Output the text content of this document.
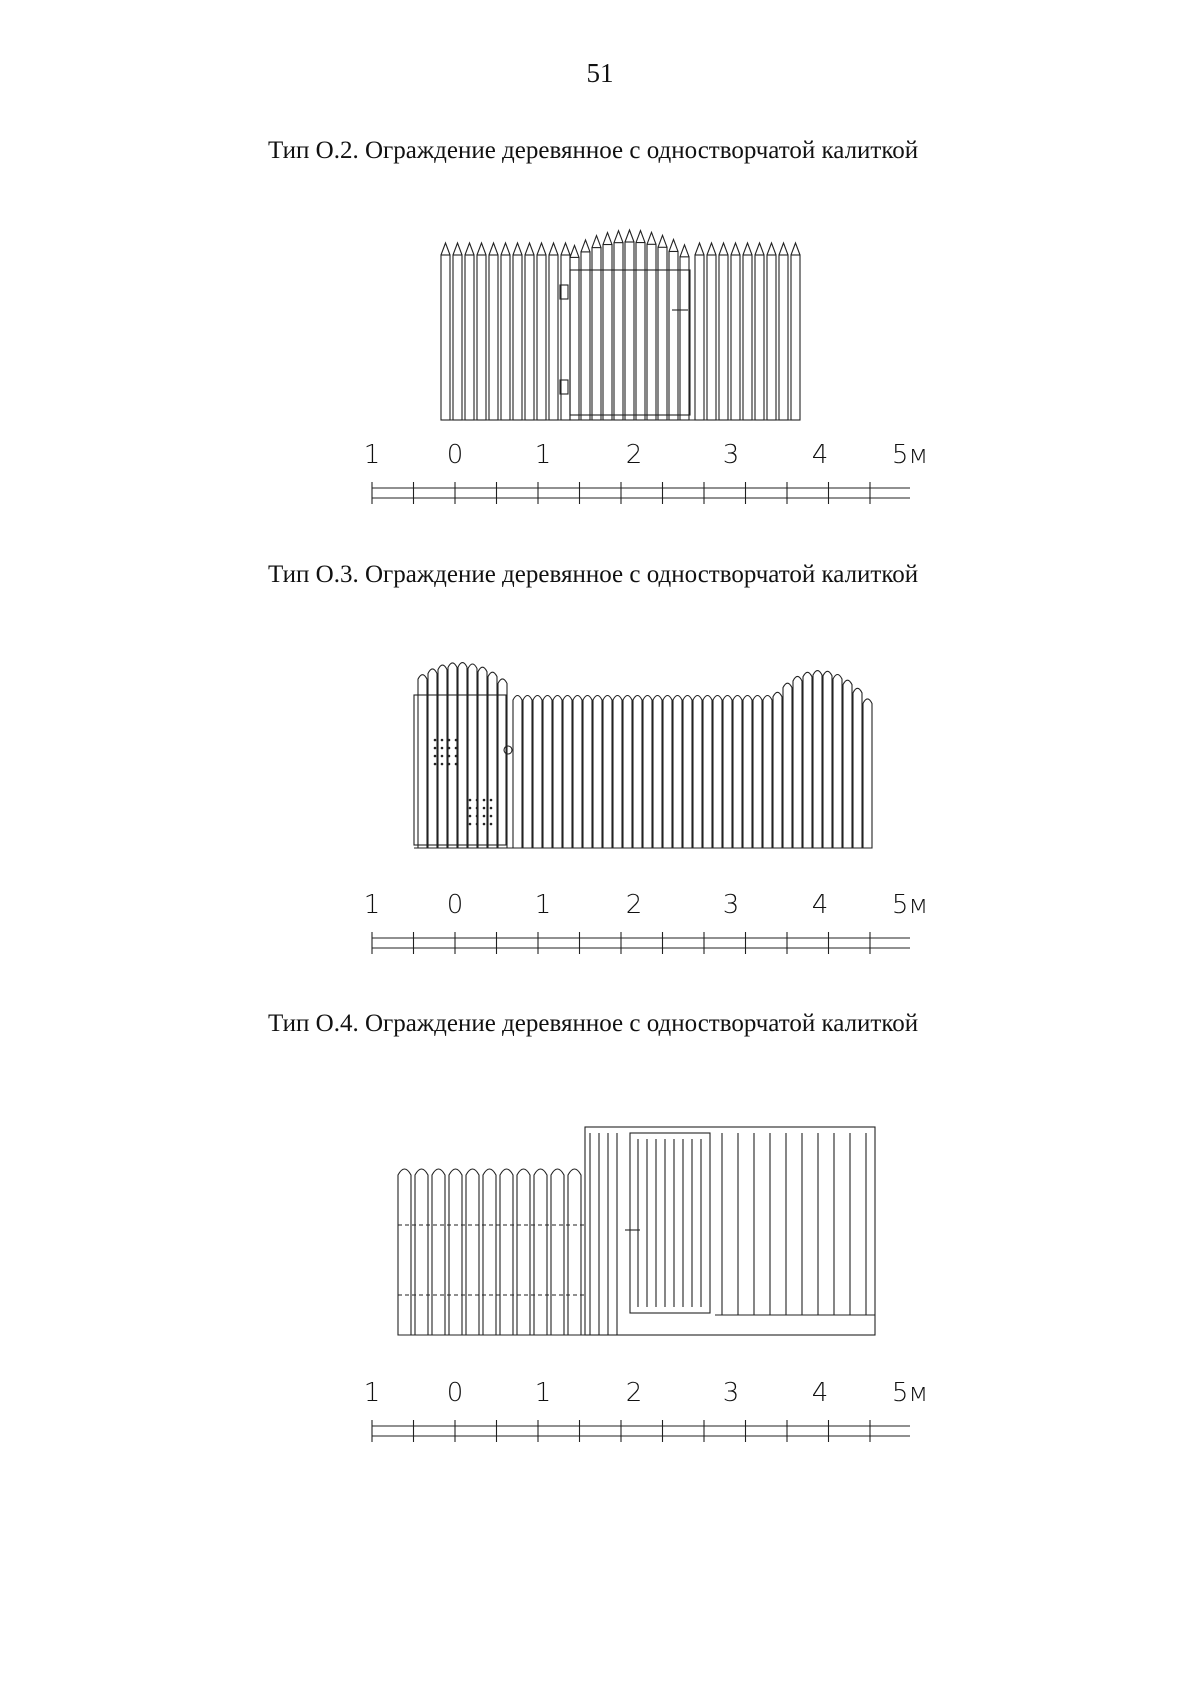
51
Тип О.2. Ограждение деревянное с одностворчатой калиткой
1	0	1	2	3	4 5м
Тип О.3. Ограждение деревянное с одностворчатой калиткой
1	0	1	2	3	4 5м
Тип О.4. Ограждение деревянное с одностворчатой калиткой
1	0	1	2	3	4 5м
